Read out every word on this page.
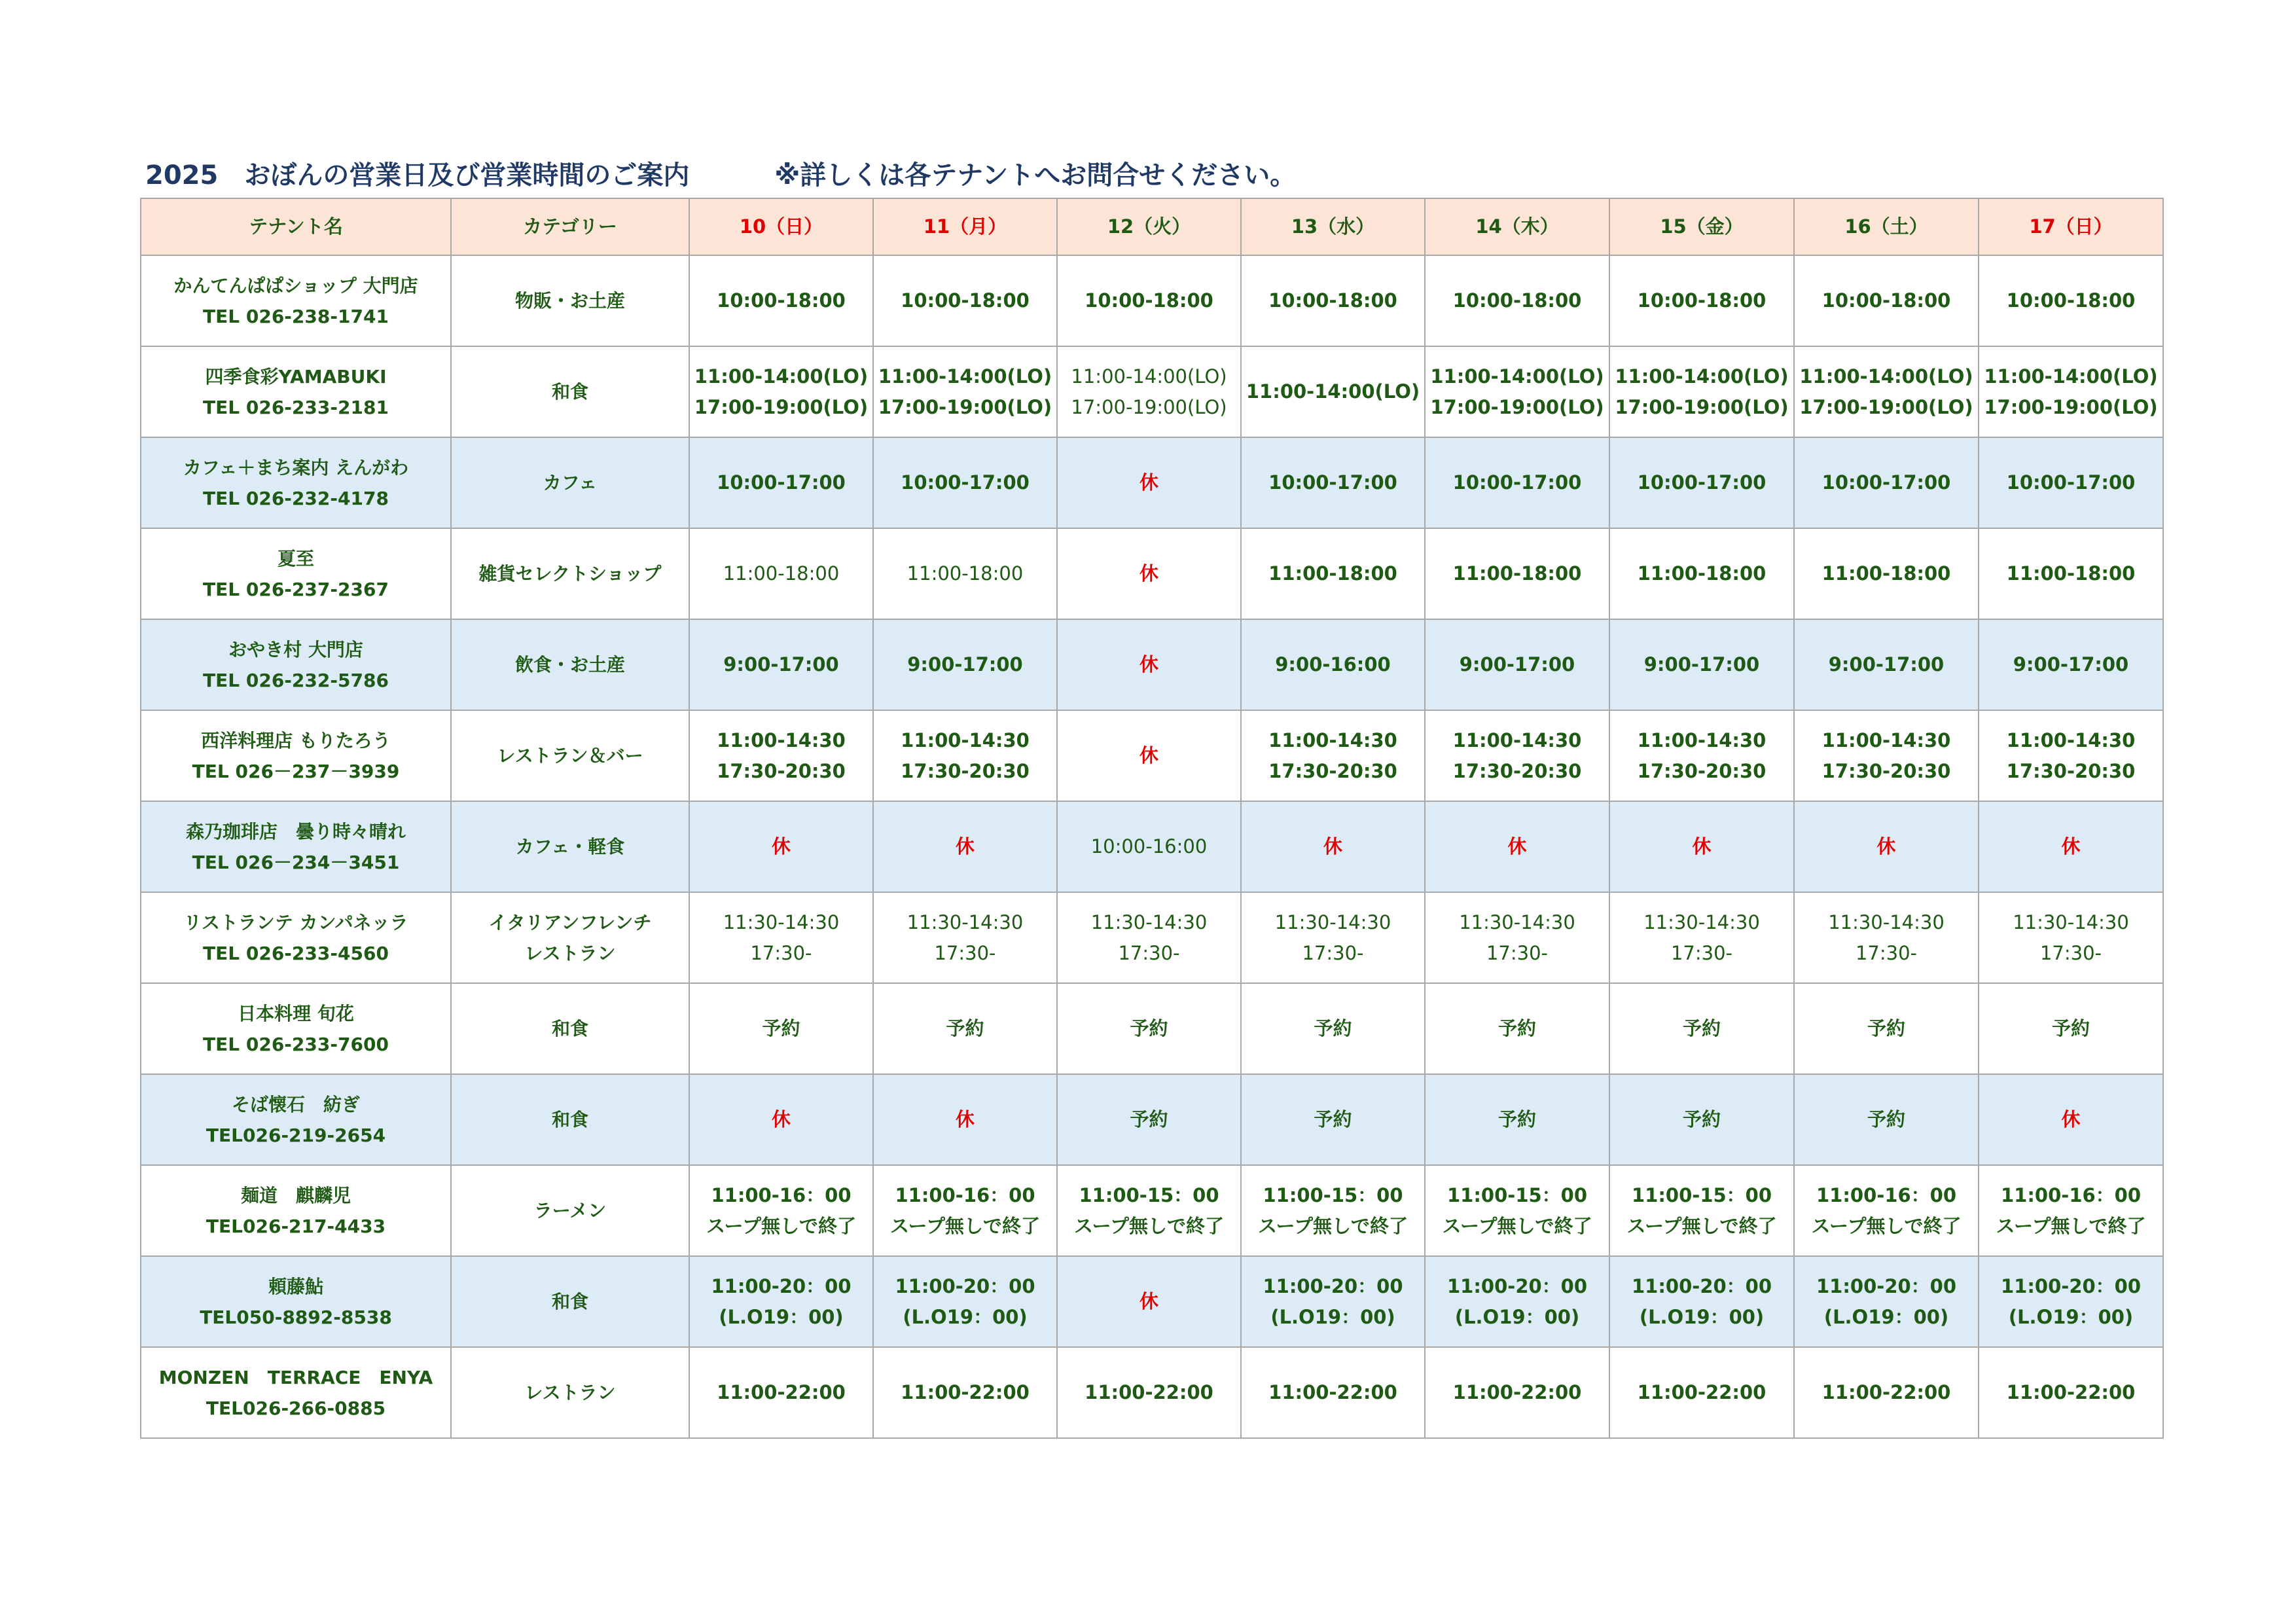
2025　おぼんの営業日及び営業時間のご案内	※詳しくは各テナントへお問合せください。
テナント名	カテゴリー	10（日）	11（月）	12（火）	13（水）	14（木）	15（金）	16（土）	17（日）

かんてんぱぱショップ 大門店
TEL 026-238-1741	物販・お土産	10:00-18:00	10:00-18:00	10:00-18:00	10:00-18:00	10:00-18:00	10:00-18:00	10:00-18:00	10:00-18:00

四季食彩YAMABUKI
TEL 026-233-2181	和食	11:00-14:00(LO)
17:00-19:00(LO)	11:00-14:00(LO)
17:00-19:00(LO)	11:00-14:00(LO)
17:00-19:00(LO)	11:00-14:00(LO)	11:00-14:00(LO)
17:00-19:00(LO)	11:00-14:00(LO)
17:00-19:00(LO)	11:00-14:00(LO)
17:00-19:00(LO)	11:00-14:00(LO)
17:00-19:00(LO)

カフェ＋まち案内 えんがわ
TEL 026-232-4178	カフェ	10:00-17:00	10:00-17:00	休	10:00-17:00	10:00-17:00	10:00-17:00	10:00-17:00	10:00-17:00

夏至
TEL 026-237-2367	雑貨セレクトショップ	11:00-18:00	11:00-18:00	休	11:00-18:00	11:00-18:00	11:00-18:00	11:00-18:00	11:00-18:00

おやき村 大門店
TEL 026-232-5786	飲食・お土産	9:00-17:00	9:00-17:00	休	9:00-16:00	9:00-17:00	9:00-17:00	9:00-17:00	9:00-17:00

西洋料理店 もりたろう
TEL 026－237－3939	レストラン＆バー	11:00-14:30
17:30-20:30	11:00-14:30
17:30-20:30	休	11:00-14:30
17:30-20:30	11:00-14:30
17:30-20:30	11:00-14:30
17:30-20:30	11:00-14:30
17:30-20:30	11:00-14:30
17:30-20:30

森乃珈琲店　曇り時々晴れ
TEL 026－234－3451	カフェ・軽食	休	休	10:00-16:00	休	休	休	休	休

リストランテ カンパネッラ
TEL 026-233-4560	イタリアンフレンチ
レストラン	11:30-14:30
17:30-	11:30-14:30
17:30-	11:30-14:30
17:30-	11:30-14:30
17:30-	11:30-14:30
17:30-	11:30-14:30
17:30-	11:30-14:30
17:30-	11:30-14:30
17:30-

日本料理 旬花
TEL 026-233-7600	和食	予約	予約	予約	予約	予約	予約	予約	予約

そば懐石　紡ぎ
TEL026-219-2654	和食	休	休	予約	予約	予約	予約	予約	休

麺道　麒麟児
TEL026-217-4433	ラーメン	11:00-16：00
スープ無しで終了	11:00-16：00
スープ無しで終了	11:00-15：00
スープ無しで終了	11:00-15：00
スープ無しで終了	11:00-15：00
スープ無しで終了	11:00-15：00
スープ無しで終了	11:00-16：00
スープ無しで終了	11:00-16：00
スープ無しで終了

頼藤鮎
TEL050-8892-8538	和食	11:00-20：00
(L.O19：00)	11:00-20：00
(L.O19：00)	休	11:00-20：00
(L.O19：00)	11:00-20：00
(L.O19：00)	11:00-20：00
(L.O19：00)	11:00-20：00
(L.O19：00)	11:00-20：00
(L.O19：00)

MONZEN　TERRACE　ENYA
TEL026-266-0885	レストラン	11:00-22:00	11:00-22:00	11:00-22:00	11:00-22:00	11:00-22:00	11:00-22:00	11:00-22:00	11:00-22:00
